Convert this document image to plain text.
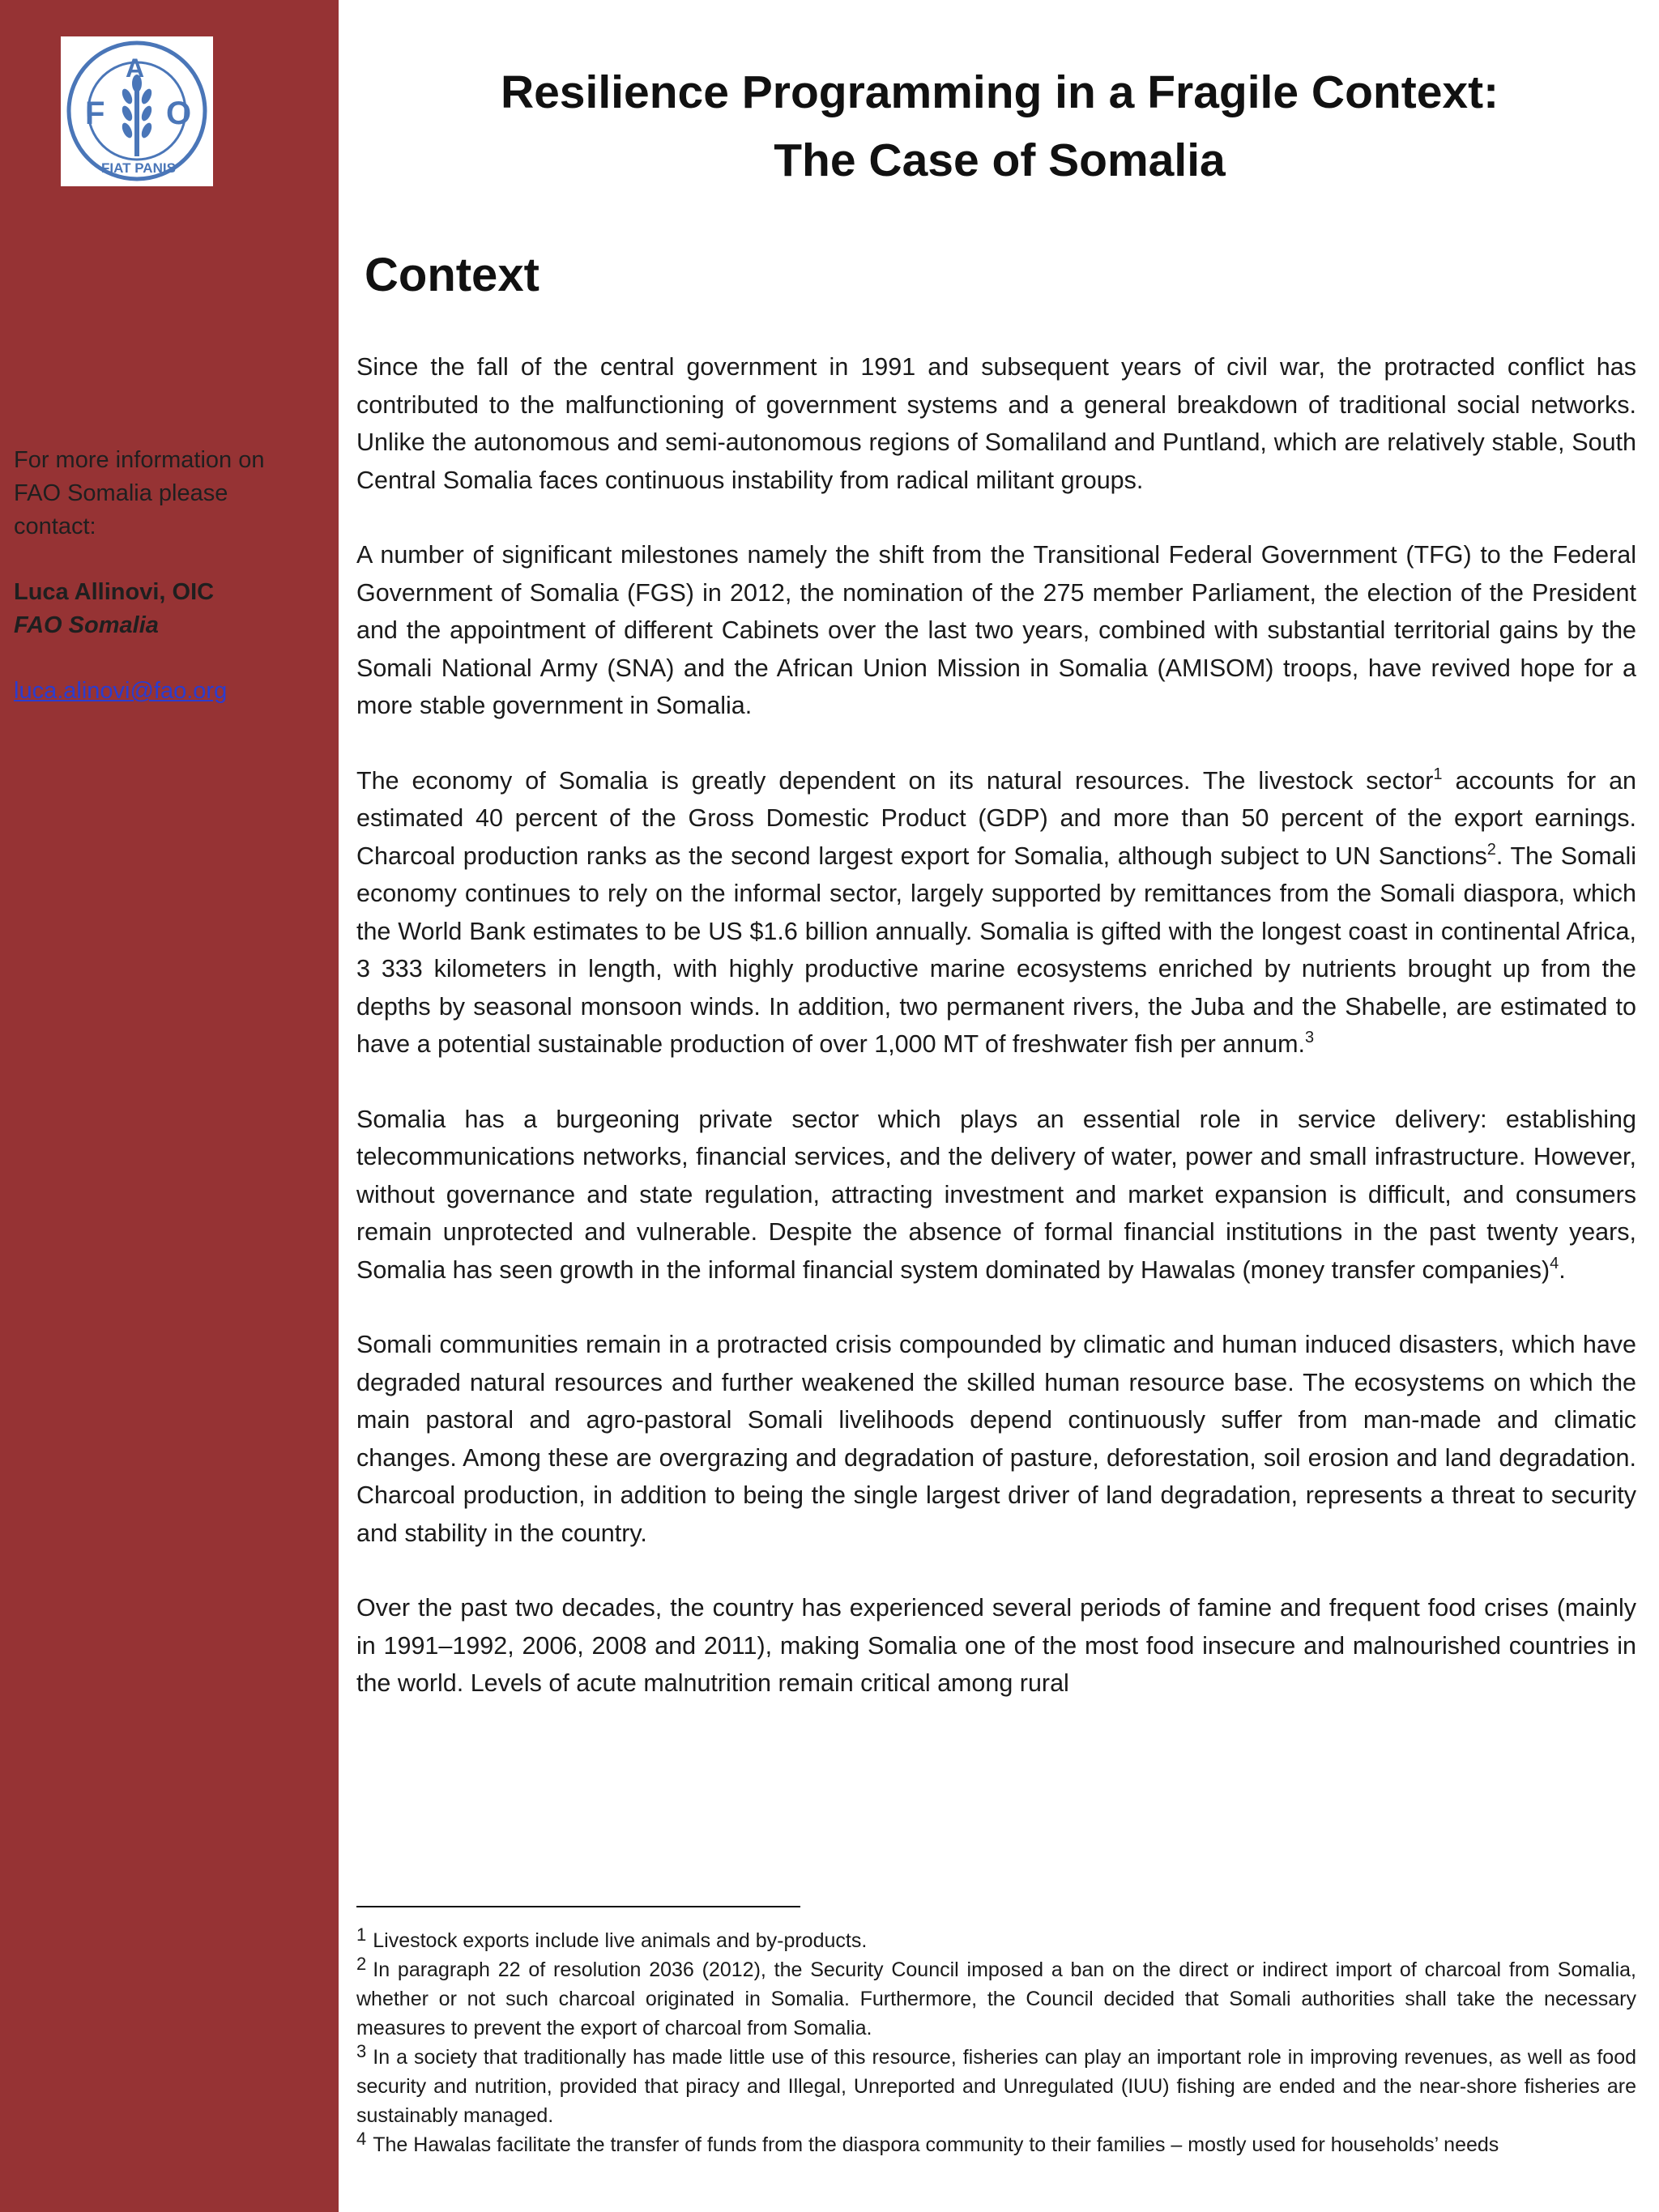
F
A
O
FIAT PANIS

For more information on

FAO Somalia please

contact:

Luca Allinovi, OIC

FAO Somalia

luca.alinovi@fao.org

Resilience Programming in a Fragile Context:
The Case of Somalia
Context

Since the fall of the central government in 1991 and subsequent years of civil war, the protracted conflict has contributed to the malfunctioning of government systems and a general breakdown of traditional social networks. Unlike the autonomous and semi-autonomous regions of Somaliland and Puntland, which are relatively stable, South Central Somalia faces continuous instability from radical militant groups.

A number of significant milestones namely the shift from the Transitional Federal Government (TFG) to the Federal Government of Somalia (FGS) in 2012, the nomination of the 275 member Parliament, the election of the President and the appointment of different Cabinets over the last two years, combined with substantial territorial gains by the Somali National Army (SNA) and the African Union Mission in Somalia (AMISOM) troops, have revived hope for a more stable government in Somalia.

The economy of Somalia is greatly dependent on its natural resources. The livestock sector$^1$ accounts for an estimated 40 percent of the Gross Domestic Product (GDP) and more than 50 percent of the export earnings. Charcoal production ranks as the second largest export for Somalia, although subject to UN Sanctions$^2$. The Somali economy continues to rely on the informal sector, largely supported by remittances from the Somali diaspora, which the World Bank estimates to be US $1.6 billion annually. Somalia is gifted with the longest coast in continental Africa, 3 333 kilometers in length, with highly productive marine ecosystems enriched by nutrients brought up from the depths by seasonal monsoon winds. In addition, two permanent rivers, the Juba and the Shabelle, are estimated to have a potential sustainable production of over 1,000 MT of freshwater fish per annum.$^3$

Somalia has a burgeoning private sector which plays an essential role in service delivery: establishing telecommunications networks, financial services, and the delivery of water, power and small infrastructure. However, without governance and state regulation, attracting investment and market expansion is difficult, and consumers remain unprotected and vulnerable. Despite the absence of formal financial institutions in the past twenty years, Somalia has seen growth in the informal financial system dominated by Hawalas (money transfer companies)$^4$.

Somali communities remain in a protracted crisis compounded by climatic and human induced disasters, which have degraded natural resources and further weakened the skilled human resource base. The ecosystems on which the main pastoral and agro-pastoral Somali livelihoods depend continuously suffer from man-made and climatic changes. Among these are overgrazing and degradation of pasture, deforestation, soil erosion and land degradation. Charcoal production, in addition to being the single largest driver of land degradation, represents a threat to security and stability in the country.

Over the past two decades, the country has experienced several periods of famine and frequent food crises (mainly in 1991–1992, 2006, 2008 and 2011), making Somalia one of the most food insecure and malnourished countries in the world. Levels of acute malnutrition remain critical among rural

$^1$ Livestock exports include live animals and by-products.

$^2$ In paragraph 22 of resolution 2036 (2012), the Security Council imposed a ban on the direct or indirect import of charcoal from Somalia, whether or not such charcoal originated in Somalia. Furthermore, the Council decided that Somali authorities shall take the necessary measures to prevent the export of charcoal from Somalia.

$^3$ In a society that traditionally has made little use of this resource, fisheries can play an important role in improving revenues, as well as food security and nutrition, provided that piracy and Illegal, Unreported and Unregulated (IUU) fishing are ended and the near-shore fisheries are sustainably managed.

$^4$ The Hawalas facilitate the transfer of funds from the diaspora community to their families – mostly used for households’ needs
